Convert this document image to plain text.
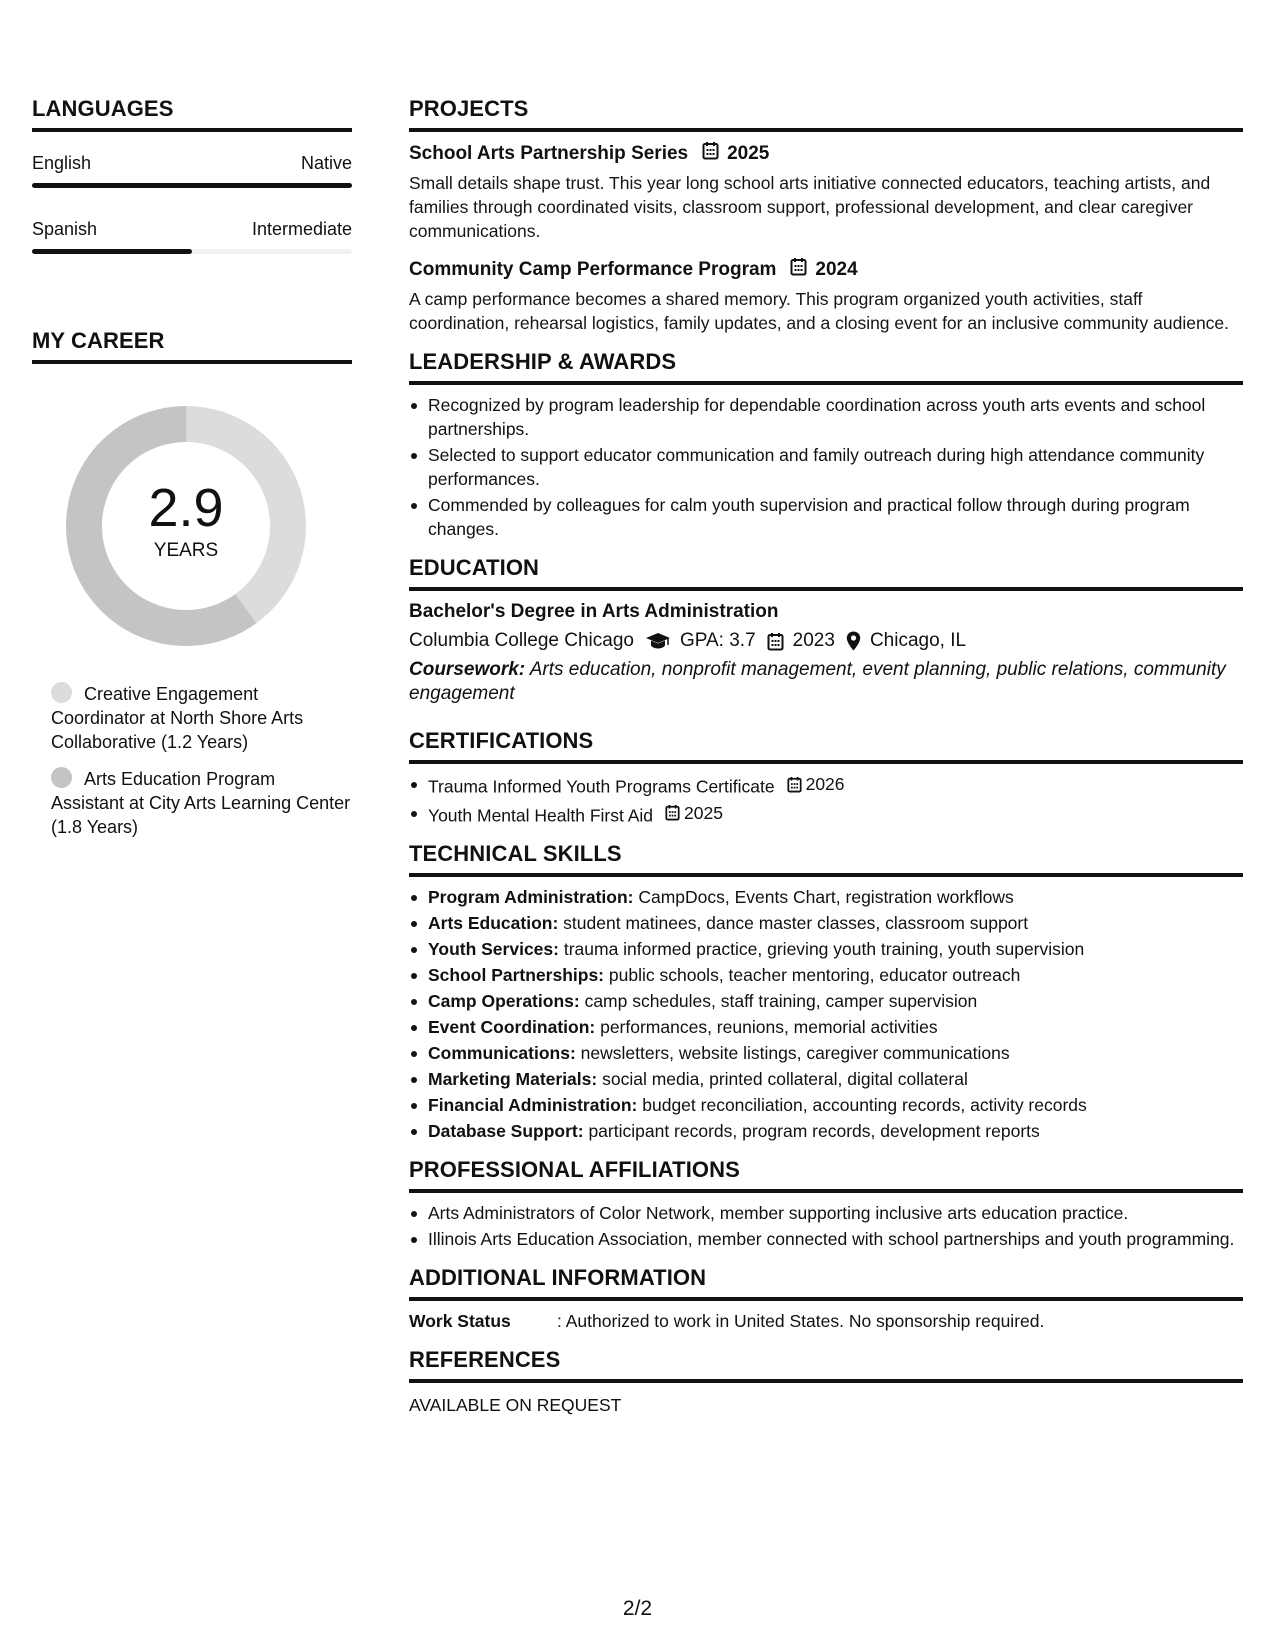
LANGUAGES
English	Native
Spanish	Intermediate
MY CAREER
2.9
YEARS
Creative Engagement Coordinator at North Shore Arts Collaborative (1.2 Years)
Arts Education Program Assistant at City Arts Learning Center (1.8 Years)
PROJECTS
School Arts Partnership Series 2025
Small details shape trust. This year long school arts initiative connected educators, teaching artists, and families through coordinated visits, classroom support, professional development, and clear caregiver communications.
Community Camp Performance Program 2024
A camp performance becomes a shared memory. This program organized youth activities, staff coordination, rehearsal logistics, family updates, and a closing event for an inclusive community audience.
LEADERSHIP & AWARDS
Recognized by program leadership for dependable coordination across youth arts events and school partnerships.
Selected to support educator communication and family outreach during high attendance community performances.
Commended by colleagues for calm youth supervision and practical follow through during program changes.
EDUCATION
Bachelor's Degree in Arts Administration
Columbia College Chicago GPA: 3.7 2023 Chicago, IL
Coursework: Arts education, nonprofit management, event planning, public relations, community engagement
CERTIFICATIONS
Trauma Informed Youth Programs Certificate 2026
Youth Mental Health First Aid 2025
TECHNICAL SKILLS
Program Administration: CampDocs, Events Chart, registration workflows
Arts Education: student matinees, dance master classes, classroom support
Youth Services: trauma informed practice, grieving youth training, youth supervision
School Partnerships: public schools, teacher mentoring, educator outreach
Camp Operations: camp schedules, staff training, camper supervision
Event Coordination: performances, reunions, memorial activities
Communications: newsletters, website listings, caregiver communications
Marketing Materials: social media, printed collateral, digital collateral
Financial Administration: budget reconciliation, accounting records, activity records
Database Support: participant records, program records, development reports
PROFESSIONAL AFFILIATIONS
Arts Administrators of Color Network, member supporting inclusive arts education practice.
Illinois Arts Education Association, member connected with school partnerships and youth programming.
ADDITIONAL INFORMATION
Work Status	: Authorized to work in United States. No sponsorship required.
REFERENCES
AVAILABLE ON REQUEST
2/2
